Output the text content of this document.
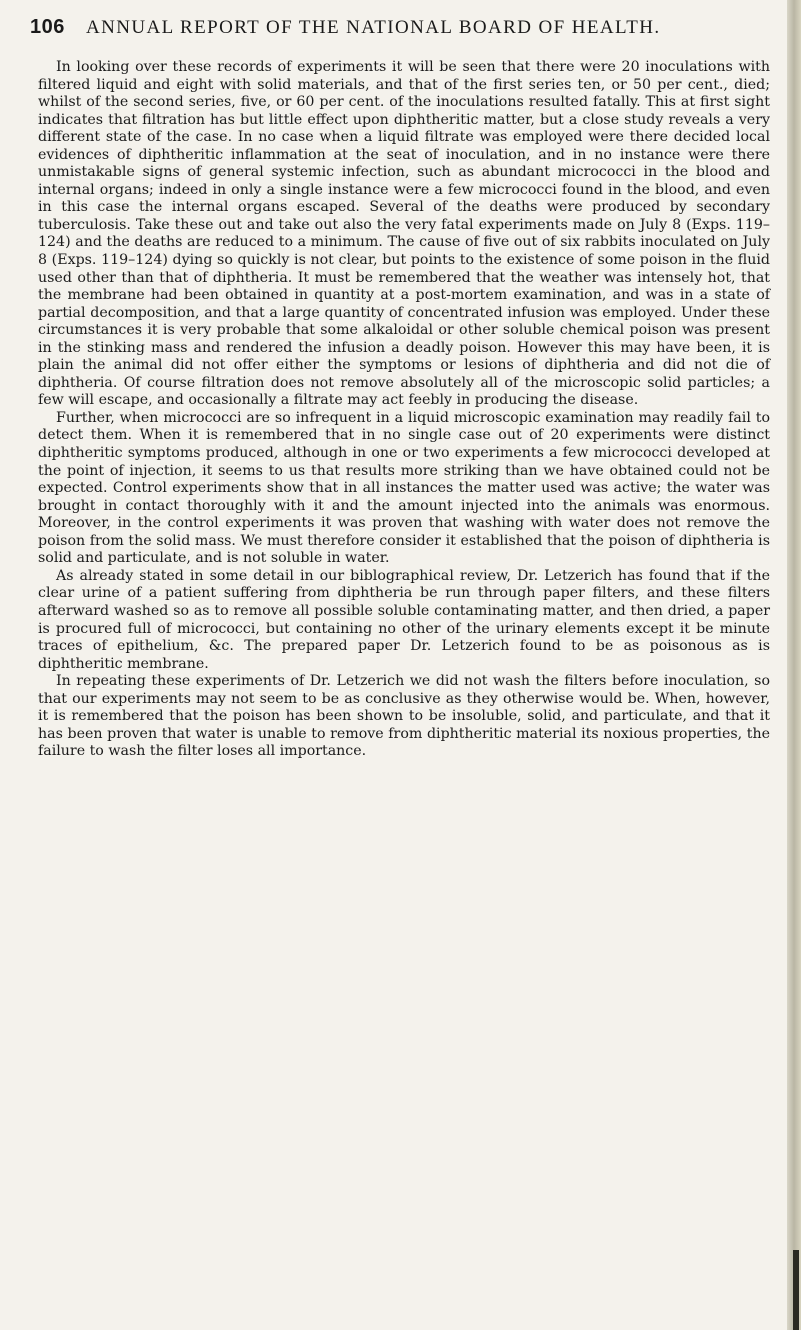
106 ANNUAL REPORT OF THE NATIONAL BOARD OF HEALTH.

In looking over these records of experiments it will be seen that there were 20 inoculations with filtered liquid and eight with solid materials, and that of the first series ten, or 50 per cent., died; whilst of the second series, five, or 60 per cent. of the inoculations resulted fatally. This at first sight indicates that filtration has but little effect upon diphtheritic matter, but a close study reveals a very different state of the case. In no case when a liquid filtrate was employed were there decided local evidences of diphtheritic inflammation at the seat of inoculation, and in no instance were there unmistakable signs of general systemic infection, such as abundant micrococci in the blood and internal organs; indeed in only a single instance were a few micrococci found in the blood, and even in this case the internal organs escaped. Several of the deaths were produced by secondary tuberculosis. Take these out and take out also the very fatal experiments made on July 8 (Exps. 119–124) and the deaths are reduced to a minimum. The cause of five out of six rabbits inoculated on July 8 (Exps. 119–124) dying so quickly is not clear, but points to the existence of some poison in the fluid used other than that of diphtheria. It must be remembered that the weather was intensely hot, that the membrane had been obtained in quantity at a post-mortem examination, and was in a state of partial decomposition, and that a large quantity of concentrated infusion was employed. Under these circumstances it is very probable that some alkaloidal or other soluble chemical poison was present in the stinking mass and rendered the infusion a deadly poison. However this may have been, it is plain the animal did not offer either the symptoms or lesions of diphtheria and did not die of diphtheria. Of course filtration does not remove absolutely all of the microscopic solid particles; a few will escape, and occasionally a filtrate may act feebly in producing the disease.

Further, when micrococci are so infrequent in a liquid microscopic examination may readily fail to detect them. When it is remembered that in no single case out of 20 experiments were distinct diphtheritic symptoms produced, although in one or two experiments a few micrococci developed at the point of injection, it seems to us that results more striking than we have obtained could not be expected. Control experiments show that in all instances the matter used was active; the water was brought in contact thoroughly with it and the amount injected into the animals was enormous. Moreover, in the control experiments it was proven that washing with water does not remove the poison from the solid mass. We must therefore consider it established that the poison of diphtheria is solid and particulate, and is not soluble in water.

As already stated in some detail in our biblographical review, Dr. Letzerich has found that if the clear urine of a patient suffering from diphtheria be run through paper filters, and these filters afterward washed so as to remove all possible soluble contaminating matter, and then dried, a paper is procured full of micrococci, but containing no other of the urinary elements except it be minute traces of epithelium, &c. The prepared paper Dr. Letzerich found to be as poisonous as is diphtheritic membrane.

In repeating these experiments of Dr. Letzerich we did not wash the filters before inoculation, so that our experiments may not seem to be as conclusive as they otherwise would be. When, however, it is remembered that the poison has been shown to be insoluble, solid, and particulate, and that it has been proven that water is unable to remove from diphtheritic material its noxious properties, the failure to wash the filter loses all importance.
